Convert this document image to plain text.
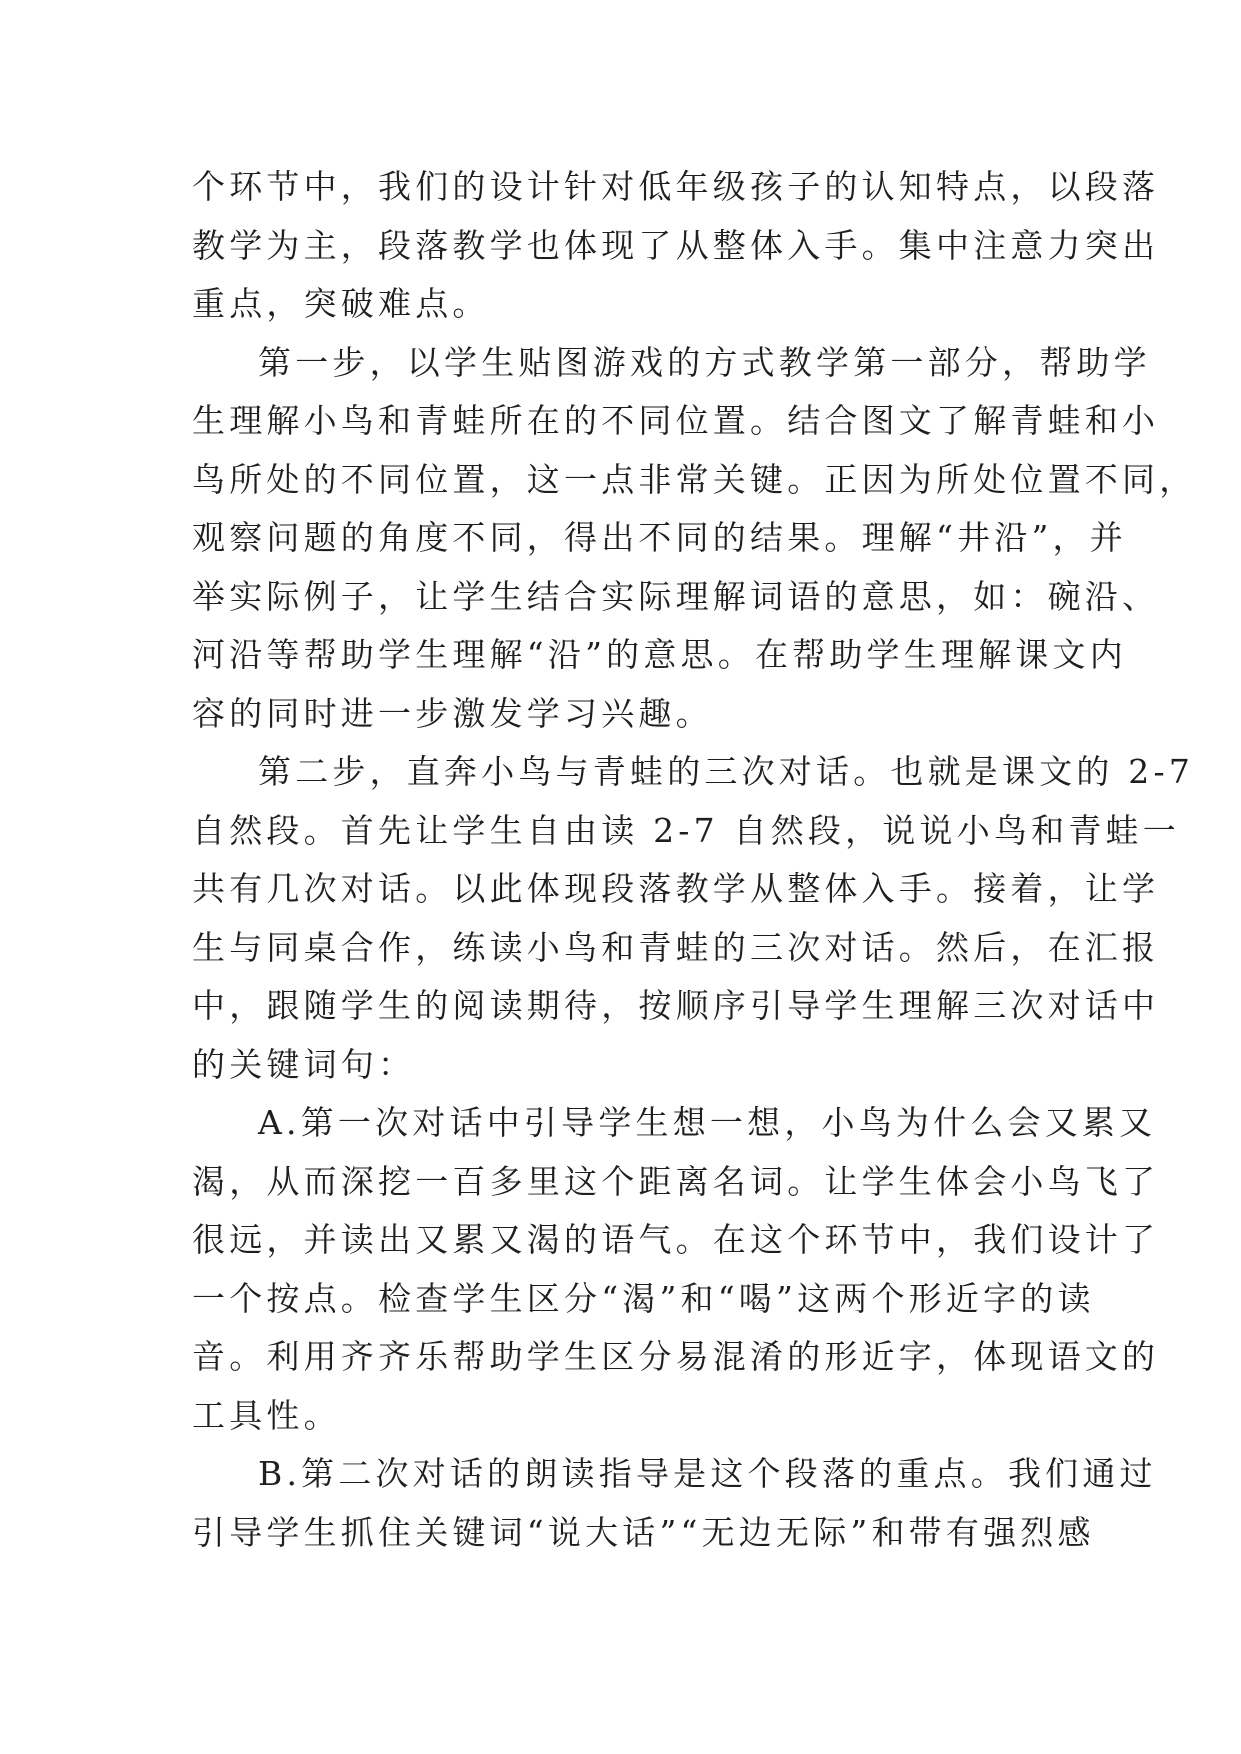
个环节中，我们的设计针对低年级孩子的认知特点，以段落
教学为主，段落教学也体现了从整体入手。集中注意力突出
重点，突破难点。
第一步，以学生贴图游戏的方式教学第一部分，帮助学
生理解小鸟和青蛙所在的不同位置。结合图文了解青蛙和小
鸟所处的不同位置，这一点非常关键。正因为所处位置不同，
观察问题的角度不同，得出不同的结果。理解“井沿”，并
举实际例子，让学生结合实际理解词语的意思，如：碗沿、
河沿等帮助学生理解“沿”的意思。在帮助学生理解课文内
容的同时进一步激发学习兴趣。
第二步，直奔小鸟与青蛙的三次对话。也就是课文的 2-7
自然段。首先让学生自由读 2-7 自然段，说说小鸟和青蛙一
共有几次对话。以此体现段落教学从整体入手。接着，让学
生与同桌合作，练读小鸟和青蛙的三次对话。然后，在汇报
中，跟随学生的阅读期待，按顺序引导学生理解三次对话中
的关键词句：
A.第一次对话中引导学生想一想，小鸟为什么会又累又
渴，从而深挖一百多里这个距离名词。让学生体会小鸟飞了
很远，并读出又累又渴的语气。在这个环节中，我们设计了
一个按点。检查学生区分“渴”和“喝”这两个形近字的读
音。利用齐齐乐帮助学生区分易混淆的形近字，体现语文的
工具性。
B.第二次对话的朗读指导是这个段落的重点。我们通过
引导学生抓住关键词“说大话”“无边无际”和带有强烈感
